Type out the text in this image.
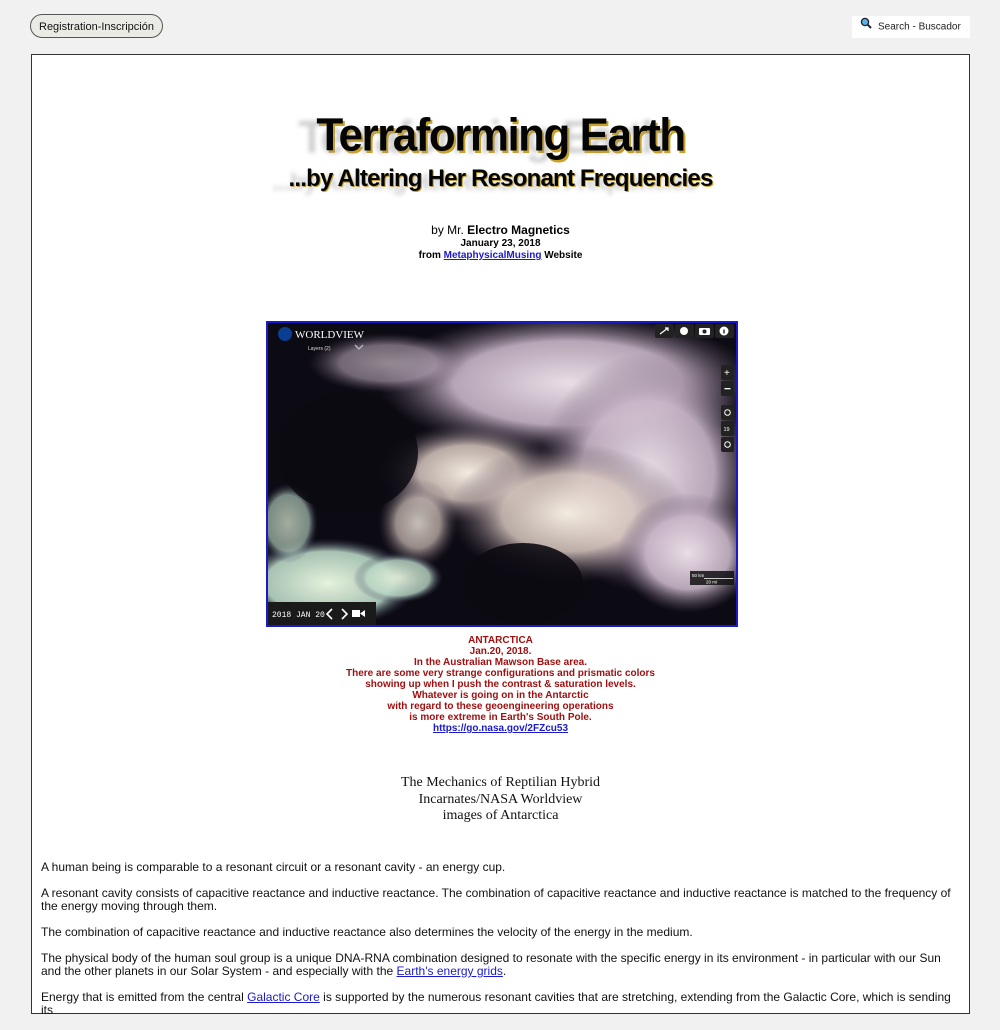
Registration-Inscripción	Search - Buscador
Terraforming Earth
...by Altering Her Resonant Frequencies
by Mr. Electro Magnetics
January 23, 2018
from MetaphysicalMusing Website
WORLDVIEW
Layers (2)
+
19
50 km
20 mi
2018 JAN 20
ANTARCTICA
Jan.20, 2018.
In the Australian Mawson Base area.
There are some very strange configurations and prismatic colors
showing up when I push the contrast & saturation levels.
Whatever is going on in the Antarctic
with regard to these geoengineering operations
is more extreme in Earth's South Pole.
https://go.nasa.gov/2FZcu53
The Mechanics of Reptilian Hybrid
Incarnates/NASA Worldview
images of Antarctica

A human being is comparable to a resonant circuit or a resonant cavity - an energy cup.

A resonant cavity consists of capacitive reactance and inductive reactance. The combination of capacitive reactance and inductive reactance is matched to the frequency of the energy moving through them.

The combination of capacitive reactance and inductive reactance also determines the velocity of the energy in the medium.

The physical body of the human soul group is a unique DNA-RNA combination designed to resonate with the specific energy in its environment - in particular with our Sun and the other planets in our Solar System - and especially with the Earth's energy grids.

Energy that is emitted from the central Galactic Core is supported by the numerous resonant cavities that are stretching, extending from the Galactic Core, which is sending its
